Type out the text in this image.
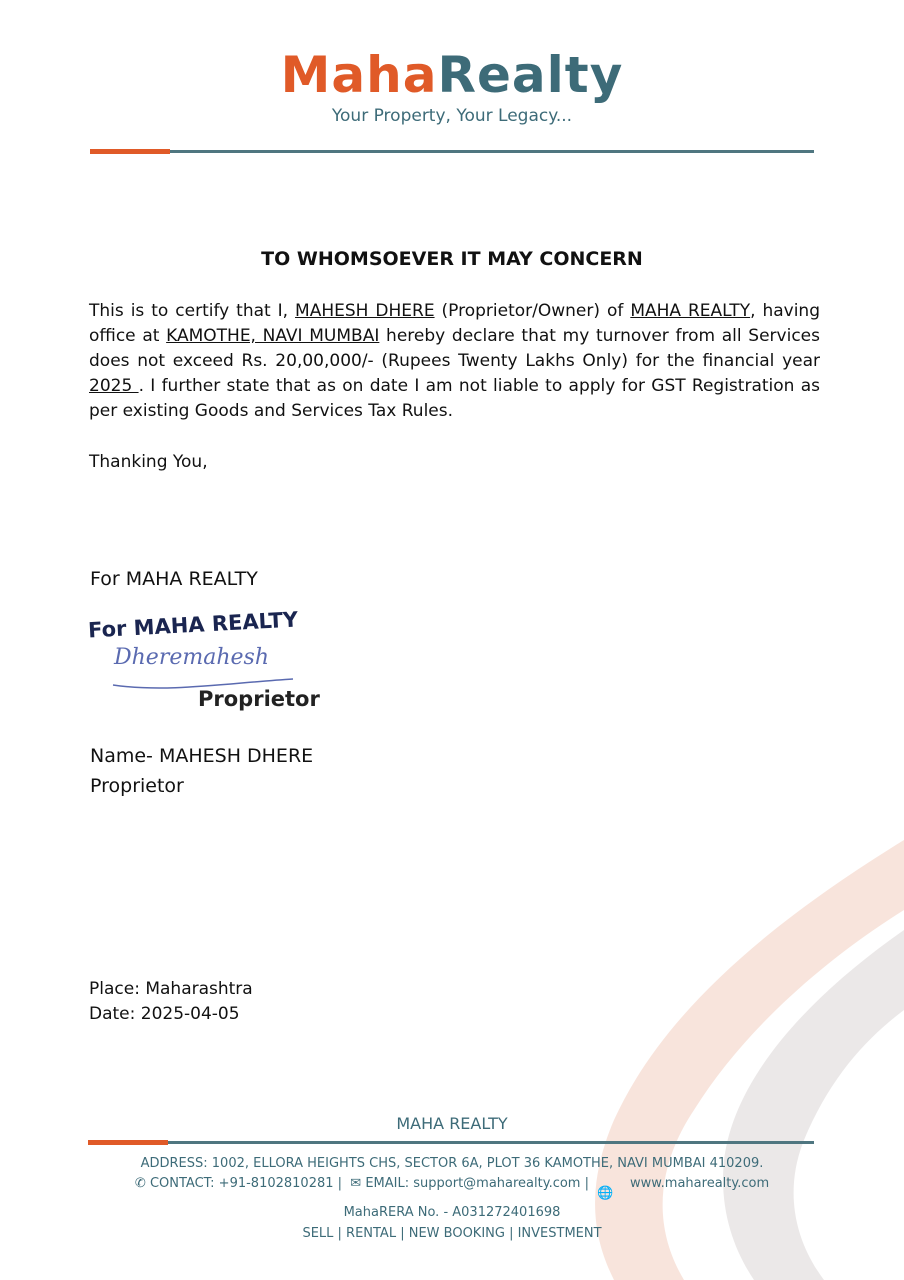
MahaRealty
Your Property, Your Legacy...
TO WHOMSOEVER IT MAY CONCERN
This is to certify that I, MAHESH DHERE (Proprietor/Owner) of MAHA REALTY, having office at KAMOTHE, NAVI MUMBAI hereby declare that my turnover from all Services does not exceed Rs. 20,00,000/- (Rupees Twenty Lakhs Only) for the financial year 2025 . I further state that as on date I am not liable to apply for GST Registration as per existing Goods and Services Tax Rules.
Thanking You,
For MAHA REALTY
For MAHA REALTY
Dheremahesh
Proprietor
Name- MAHESH DHERE
Proprietor
Place: Maharashtra
Date: 2025-04-05
MAHA REALTY
ADDRESS: 1002, ELLORA HEIGHTS CHS, SECTOR 6A, PLOT 36 KAMOTHE, NAVI MUMBAI 410209.
✆ CONTACT: +91-8102810281 | ✉ EMAIL: support@maharealty.com |  🌐    www.maharealty.com
MahaRERA No. - A031272401698
SELL | RENTAL | NEW BOOKING | INVESTMENT
